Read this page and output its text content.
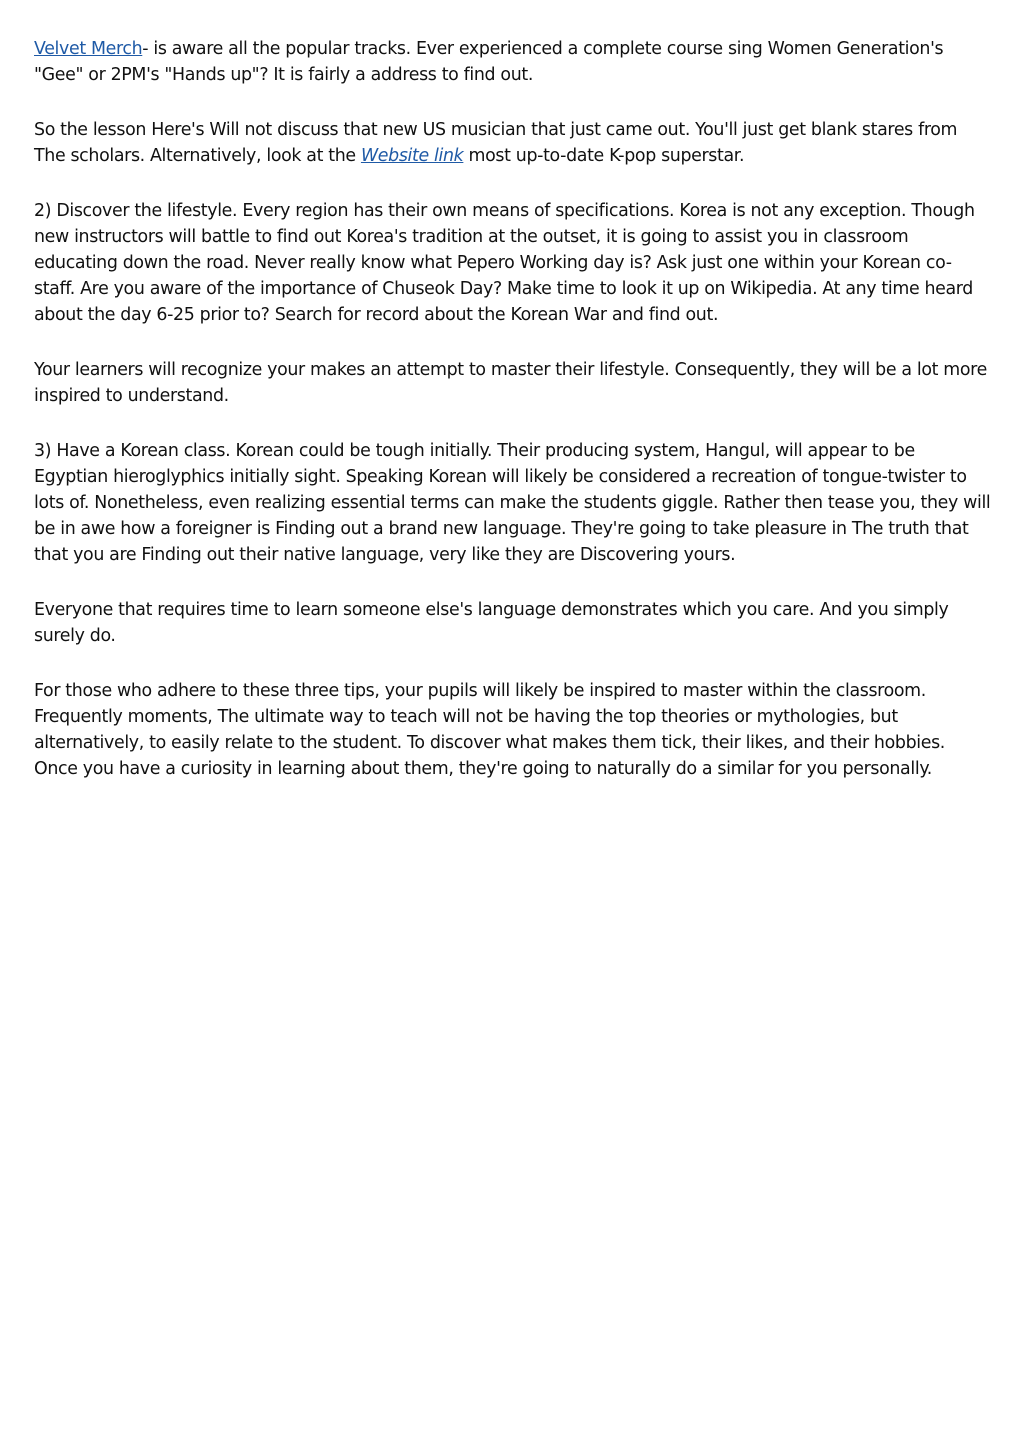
Velvet Merch- is aware all the popular tracks. Ever experienced a complete course sing Women Generation's "Gee" or 2PM's "Hands up"? It is fairly a address to find out.

So the lesson Here's Will not discuss that new US musician that just came out. You'll just get blank stares from The scholars. Alternatively, look at the Website link most up-to-date K-pop superstar.

2) Discover the lifestyle. Every region has their own means of specifications. Korea is not any exception. Though new instructors will battle to find out Korea's tradition at the outset, it is going to assist you in classroom educating down the road. Never really know what Pepero Working day is? Ask just one within your Korean co-staff. Are you aware of the importance of Chuseok Day? Make time to look it up on Wikipedia. At any time heard about the day 6-25 prior to? Search for record about the Korean War and find out.

Your learners will recognize your makes an attempt to master their lifestyle. Consequently, they will be a lot more inspired to understand.

3) Have a Korean class. Korean could be tough initially. Their producing system, Hangul, will appear to be Egyptian hieroglyphics initially sight. Speaking Korean will likely be considered a recreation of tongue-twister to lots of. Nonetheless, even realizing essential terms can make the students giggle. Rather then tease you, they will be in awe how a foreigner is Finding out a brand new language. They're going to take pleasure in The truth that that you are Finding out their native language, very like they are Discovering yours.

Everyone that requires time to learn someone else's language demonstrates which you care. And you simply surely do.

For those who adhere to these three tips, your pupils will likely be inspired to master within the classroom. Frequently moments, The ultimate way to teach will not be having the top theories or mythologies, but alternatively, to easily relate to the student. To discover what makes them tick, their likes, and their hobbies. Once you have a curiosity in learning about them, they're going to naturally do a similar for you personally.
